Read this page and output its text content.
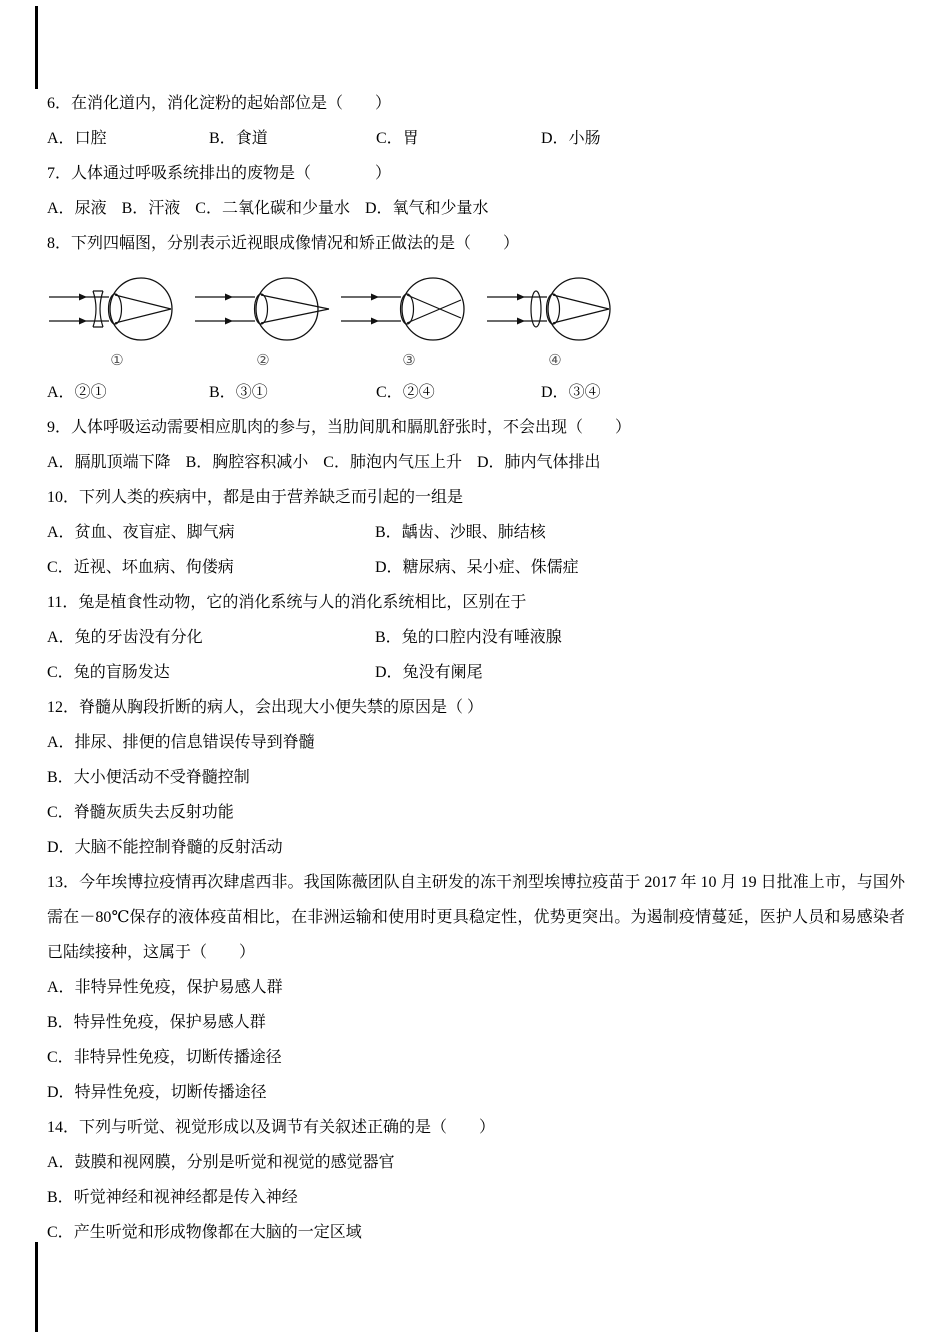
6．在消化道内，消化淀粉的起始部位是（　　）
A．口腔	B．食道	C．胃	D．小肠
7．人体通过呼吸系统排出的废物是（　　　　）
A．尿液 B．汗液 C．二氧化碳和少量水 D．氧气和少量水
8．下列四幅图，分别表示近视眼成像情况和矫正做法的是（　　）
①	②	③	④
A．②①	B．③①	C．②④	D．③④
9．人体呼吸运动需要相应肌肉的参与，当肋间肌和膈肌舒张时，不会出现（　　）
A．膈肌顶端下降 B．胸腔容积减小 C．肺泡内气压上升 D．肺内气体排出
10．下列人类的疾病中，都是由于营养缺乏而引起的一组是
A．贫血、夜盲症、脚气病	B．龋齿、沙眼、肺结核
C．近视、坏血病、佝偻病	D．糖尿病、呆小症、侏儒症
11．兔是植食性动物，它的消化系统与人的消化系统相比，区别在于
A．兔的牙齿没有分化	B．兔的口腔内没有唾液腺
C．兔的盲肠发达	D．兔没有阑尾
12．脊髓从胸段折断的病人，会出现大小便失禁的原因是（ ）
A．排尿、排便的信息错误传导到脊髓
B．大小便活动不受脊髓控制
C．脊髓灰质失去反射功能
D．大脑不能控制脊髓的反射活动
13．今年埃博拉疫情再次肆虐西非。我国陈薇团队自主研发的冻干剂型埃博拉疫苗于 2017 年 10 月 19 日批准上市，与国外需在－80℃保存的液体疫苗相比，在非洲运输和使用时更具稳定性，优势更突出。为遏制疫情蔓延，医护人员和易感染者已陆续接种，这属于（　　）
A．非特异性免疫，保护易感人群
B．特异性免疫，保护易感人群
C．非特异性免疫，切断传播途径
D．特异性免疫，切断传播途径
14．下列与听觉、视觉形成以及调节有关叙述正确的是（　　）
A．鼓膜和视网膜，分别是听觉和视觉的感觉器官
B．听觉神经和视神经都是传入神经
C．产生听觉和形成物像都在大脑的一定区域
